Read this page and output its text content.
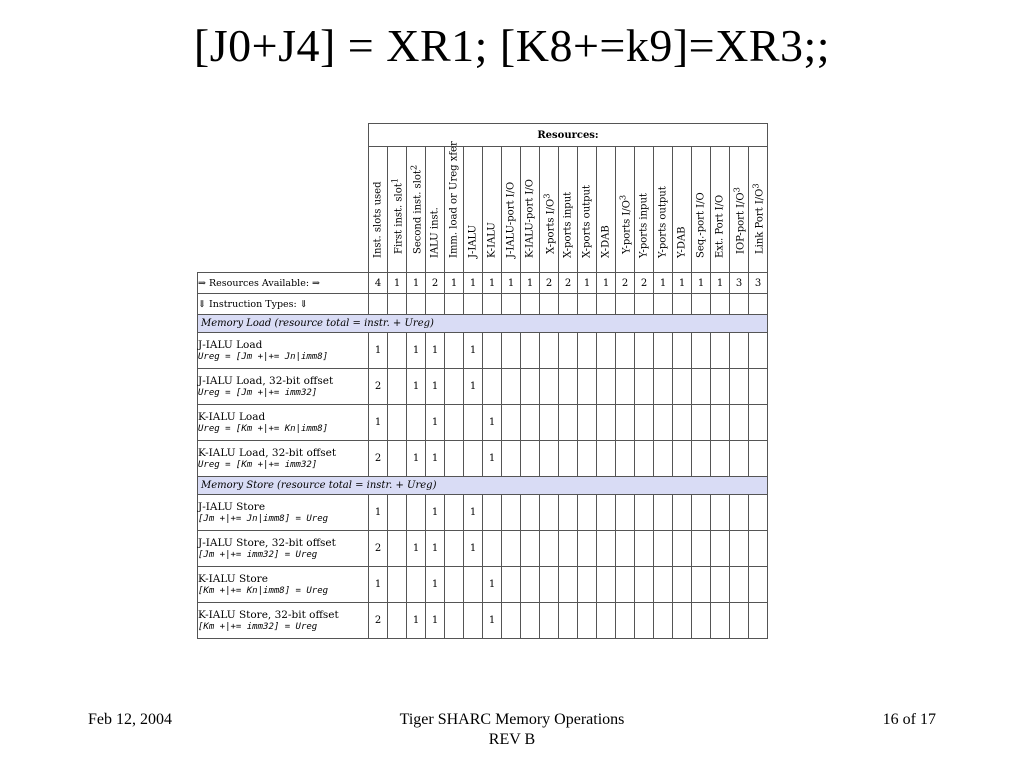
[J0+J4] = XR1; [K8+=k9]=XR3;;
	Resources:																				

	Inst. slots used	First inst. slot$^1$	Second inst. slot$^2$	IALU inst.	Imm. load or Ureg xfer	J-IALU	K-IALU	J-IALU-port I/O	K-IALU-port I/O	X-ports $I/O^3$	X-ports input	X-ports output	X-DAB	Y-ports $I/O^3$	Y-ports input	Y-ports output	Y-DAB	Seq.-port I/O	Ext. Port I/O	IOP-port $I/O^3$	Link Port $I/O^3$

⇒ Resources Available: ⇒	4	1	1	2	1	1	1	1	1	2	2	1	1	2	2	1	1	1	1	3	3
⇓ Instruction Types: ⇓																					
Memory Load (resource total = instr. + Ureg)																					

J-IALU Load
Ureg = [Jm +|+= Jn|imm8]	1		1	1		1															

J-IALU Load, 32-bit offset
Ureg = [Jm +|+= imm32]	2		1	1		1															

K-IALU Load
Ureg = [Km +|+= Kn|imm8]	1			1			1														

K-IALU Load, 32-bit offset
Ureg = [Km +|+= imm32]	2		1	1			1														
Memory Store (resource total = instr. + Ureg)																					

J-IALU Store
[Jm +|+= Jn|imm8] = Ureg	1			1		1															

J-IALU Store, 32-bit offset
[Jm +|+= imm32] = Ureg	2		1	1		1															

K-IALU Store
[Km +|+= Kn|imm8] = Ureg	1			1			1														

K-IALU Store, 32-bit offset
[Km +|+= imm32] = Ureg	2		1	1			1														
Feb 12, 2004	Tiger SHARC Memory Operations
REV B
16 of 17
